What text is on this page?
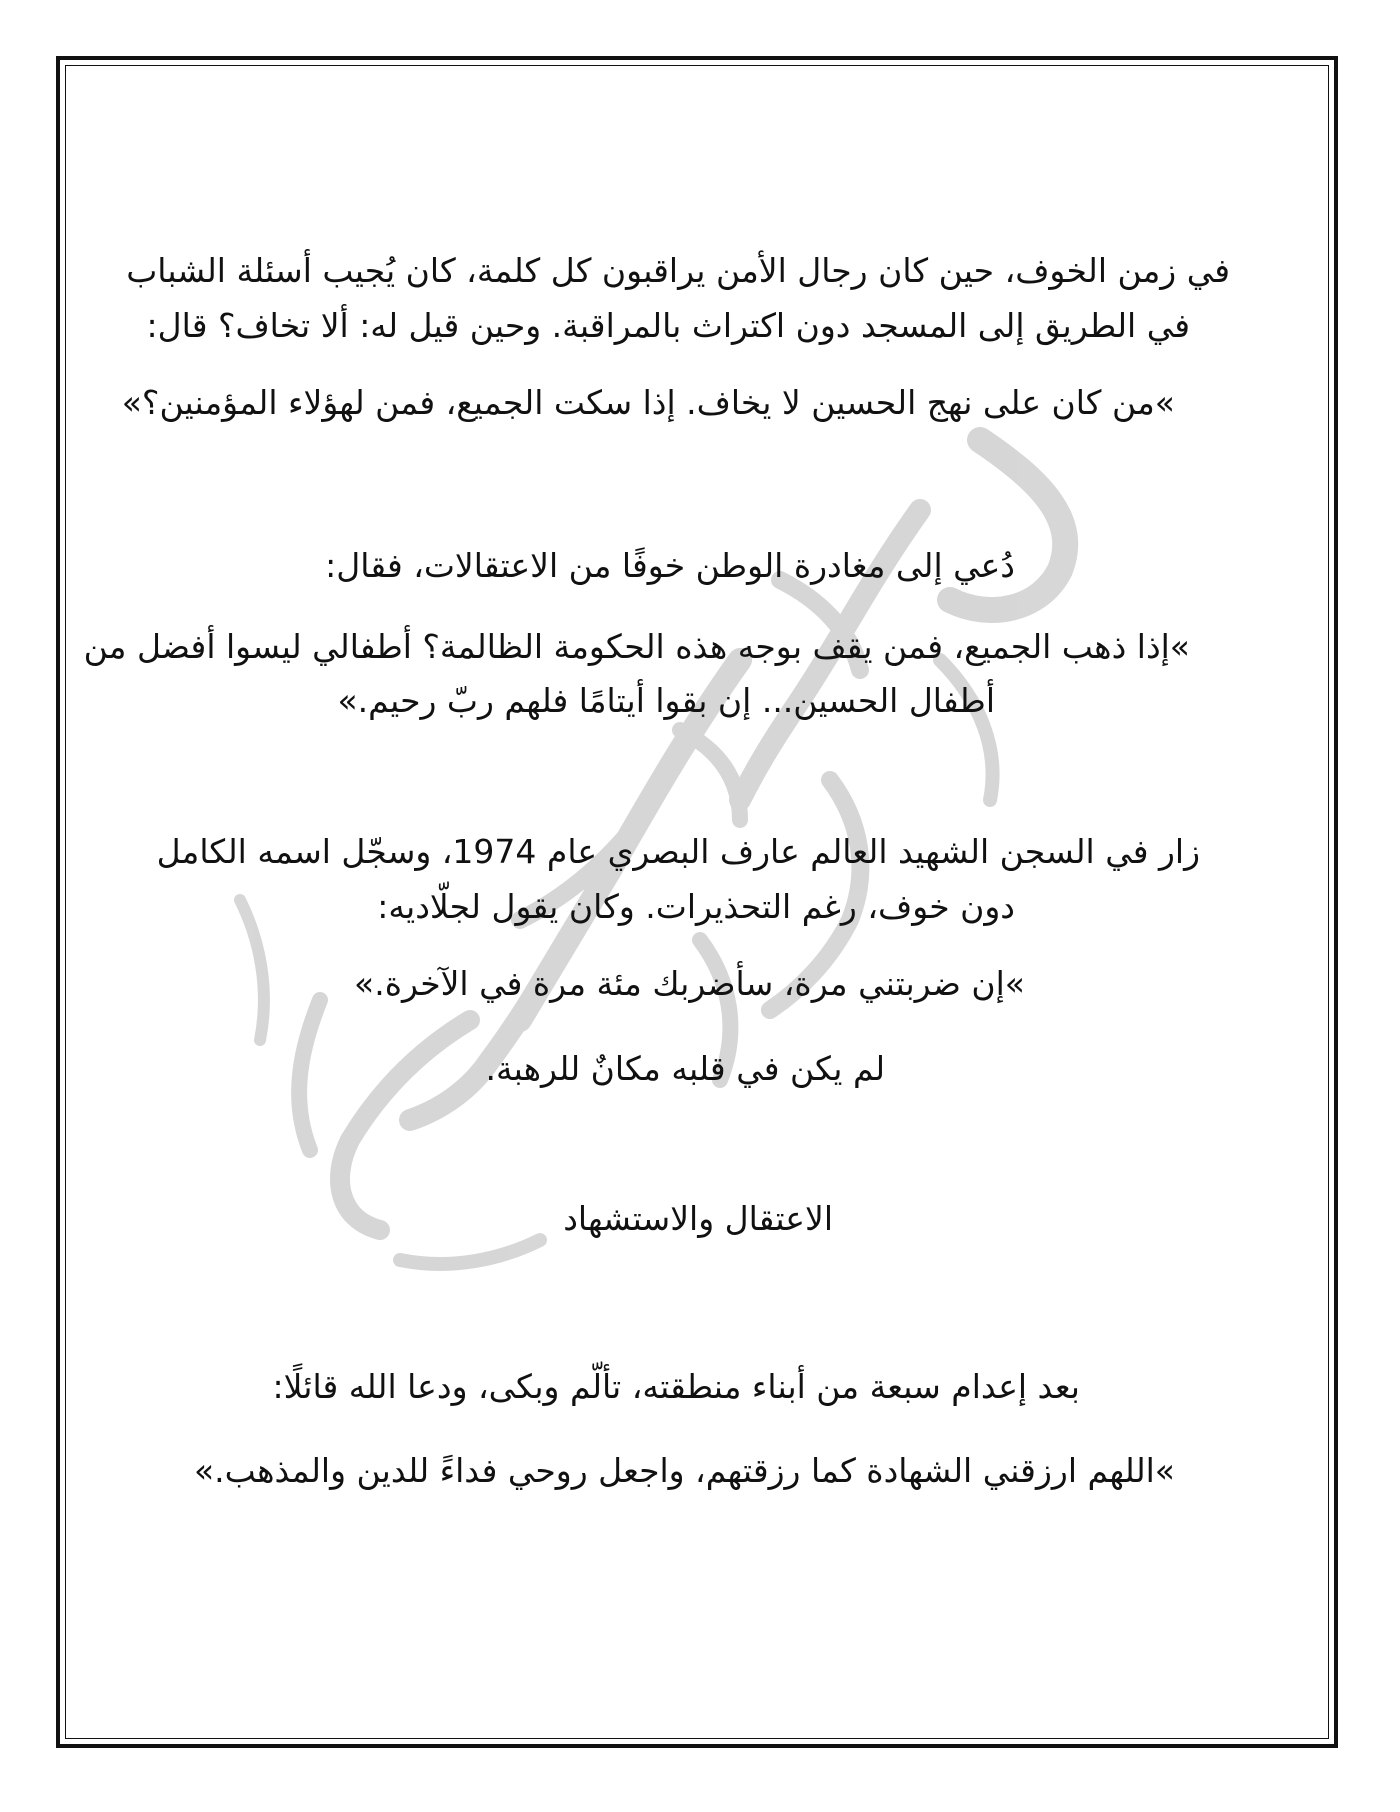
في زمن الخوف، حين كان رجال الأمن يراقبون كل كلمة، كان يُجيب أسئلة الشباب
في الطريق إلى المسجد دون اكتراث بالمراقبة. وحين قيل له: ألا تخاف؟ قال:
»من كان على نهج الحسين لا يخاف. إذا سكت الجميع، فمن لهؤلاء المؤمنين؟»
دُعي إلى مغادرة الوطن خوفًا من الاعتقالات، فقال:
»إذا ذهب الجميع، فمن يقف بوجه هذه الحكومة الظالمة؟ أطفالي ليسوا أفضل من
أطفال الحسين... إن بقوا أيتامًا فلهم ربّ رحيم.»
زار في السجن الشهيد العالم عارف البصري عام 1974، وسجّل اسمه الكامل
دون خوف، رغم التحذيرات. وكان يقول لجلّاديه:
»إن ضربتني مرة، سأضربك مئة مرة في الآخرة.»
لم يكن في قلبه مكانٌ للرهبة.
الاعتقال والاستشهاد
بعد إعدام سبعة من أبناء منطقته، تألّم وبكى، ودعا الله قائلًا:
»اللهم ارزقني الشهادة كما رزقتهم، واجعل روحي فداءً للدين والمذهب.»
